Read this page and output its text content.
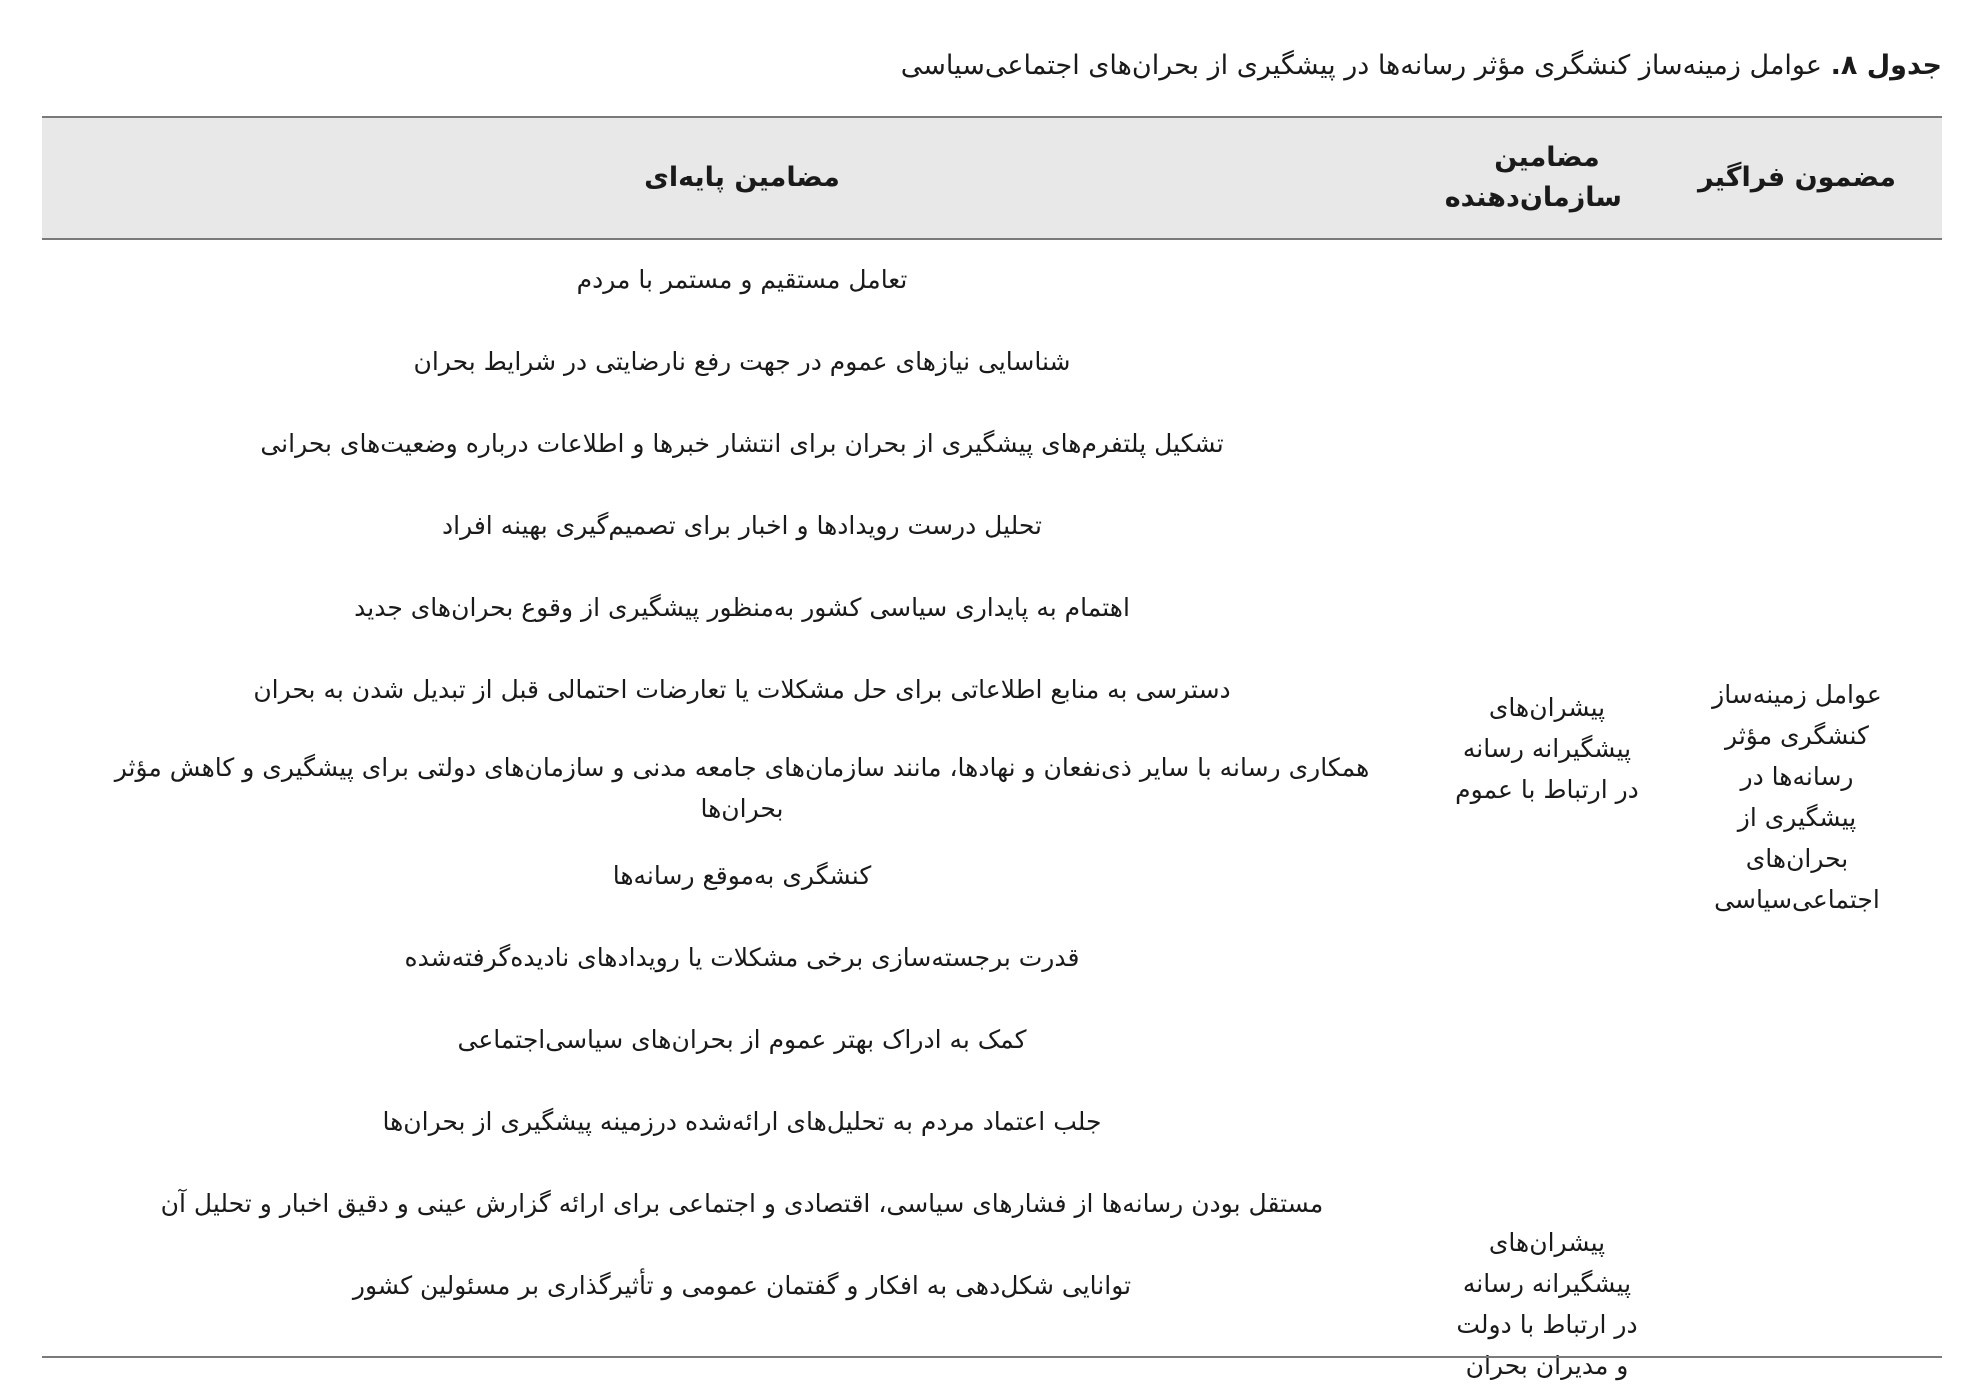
جدول ۸. عوامل زمینه‌ساز کنشگری مؤثر رسانه‌ها در پیشگیری از بحران‌های اجتماعی‌سیاسی
مضمون فراگیر
مضامین سازمان‌دهنده
مضامین پایه‌ای
عوامل زمینه‌ساز کنشگری مؤثر رسانه‌ها در پیشگیری از بحران‌های اجتماعی‌سیاسی
پیشران‌های پیشگیرانه رسانه در ارتباط با عموم
پیشران‌های پیشگیرانه رسانه در ارتباط با دولت و مدیران بحران
تعامل مستقیم و مستمر با مردم
شناسایی نیازهای عموم در جهت رفع نارضایتی در شرایط بحران
تشکیل پلتفرم‌های پیشگیری از بحران برای انتشار خبرها و اطلاعات درباره وضعیت‌های بحرانی
تحلیل درست رویدادها و اخبار برای تصمیم‌گیری بهینه افراد
اهتمام به پایداری سیاسی کشور به‌منظور پیشگیری از وقوع بحران‌های جدید
دسترسی به منابع اطلاعاتی برای حل مشکلات یا تعارضات احتمالی قبل از تبدیل شدن به بحران
همکاری رسانه با سایر ذی‌نفعان و نهادها، مانند سازمان‌های جامعه مدنی و سازمان‌های دولتی برای پیشگیری و کاهش مؤثر بحران‌ها
کنشگری به‌موقع رسانه‌ها
قدرت برجسته‌سازی برخی مشکلات یا رویدادهای نادیده‌گرفته‌شده
کمک به ادراک بهتر عموم از بحران‌های سیاسی‌اجتماعی
جلب اعتماد مردم به تحلیل‌های ارائه‌شده درزمینه پیشگیری از بحران‌ها
مستقل بودن رسانه‌ها از فشارهای سیاسی، اقتصادی و اجتماعی برای ارائه گزارش عینی و دقیق اخبار و تحلیل آن
توانایی شکل‌دهی به افکار و گفتمان عمومی و تأثیرگذاری بر مسئولین کشور
